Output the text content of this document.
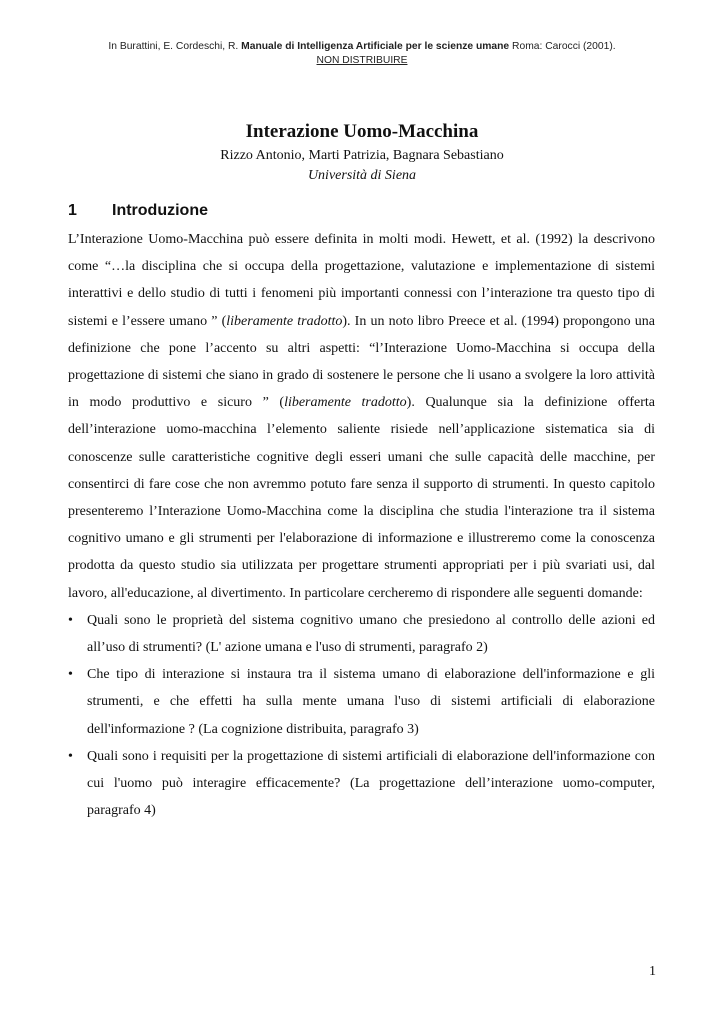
In Burattini, E. Cordeschi, R. Manuale di Intelligenza Artificiale per le scienze umane Roma: Carocci (2001).
NON DISTRIBUIRE
Interazione Uomo-Macchina
Rizzo Antonio, Marti Patrizia, Bagnara Sebastiano
Università di Siena
1 Introduzione

L’Interazione Uomo-Macchina può essere definita in molti modi. Hewett, et al. (1992) la descrivono come “…la disciplina che si occupa della progettazione, valutazione e implementazione di sistemi interattivi e dello studio di tutti i fenomeni più importanti connessi con l’interazione tra questo tipo di sistemi e l’essere umano ” (liberamente tradotto). In un noto libro Preece et al. (1994) propongono una definizione che pone l’accento su altri aspetti: “l’Interazione Uomo-Macchina si occupa della progettazione di sistemi che siano in grado di sostenere le persone che li usano a svolgere la loro attività in modo produttivo e sicuro ” (liberamente tradotto). Qualunque sia la definizione offerta dell’interazione uomo-macchina l’elemento saliente risiede nell’applicazione sistematica sia di conoscenze sulle caratteristiche cognitive degli esseri umani che sulle capacità delle macchine, per consentirci di fare cose che non avremmo potuto fare senza il supporto di strumenti. In questo capitolo presenteremo l’Interazione Uomo-Macchina come la disciplina che studia l'interazione tra il sistema cognitivo umano e gli strumenti per l'elaborazione di informazione e illustreremo come la conoscenza prodotta da questo studio sia utilizzata per progettare strumenti appropriati per i più svariati usi, dal lavoro, all'educazione, al divertimento. In particolare cercheremo di rispondere alle seguenti domande:

• Quali sono le proprietà del sistema cognitivo umano che presiedono al controllo delle azioni ed all’uso di strumenti? (L' azione umana e l'uso di strumenti, paragrafo 2)
• Che tipo di interazione si instaura tra il sistema umano di elaborazione dell'informazione e gli strumenti, e che effetti ha sulla mente umana l'uso di sistemi artificiali di elaborazione dell'informazione ? (La cognizione distribuita, paragrafo 3)
• Quali sono i requisiti per la progettazione di sistemi artificiali di elaborazione dell'informazione con cui l'uomo può interagire efficacemente? (La progettazione dell’interazione uomo-computer, paragrafo 4)
1
